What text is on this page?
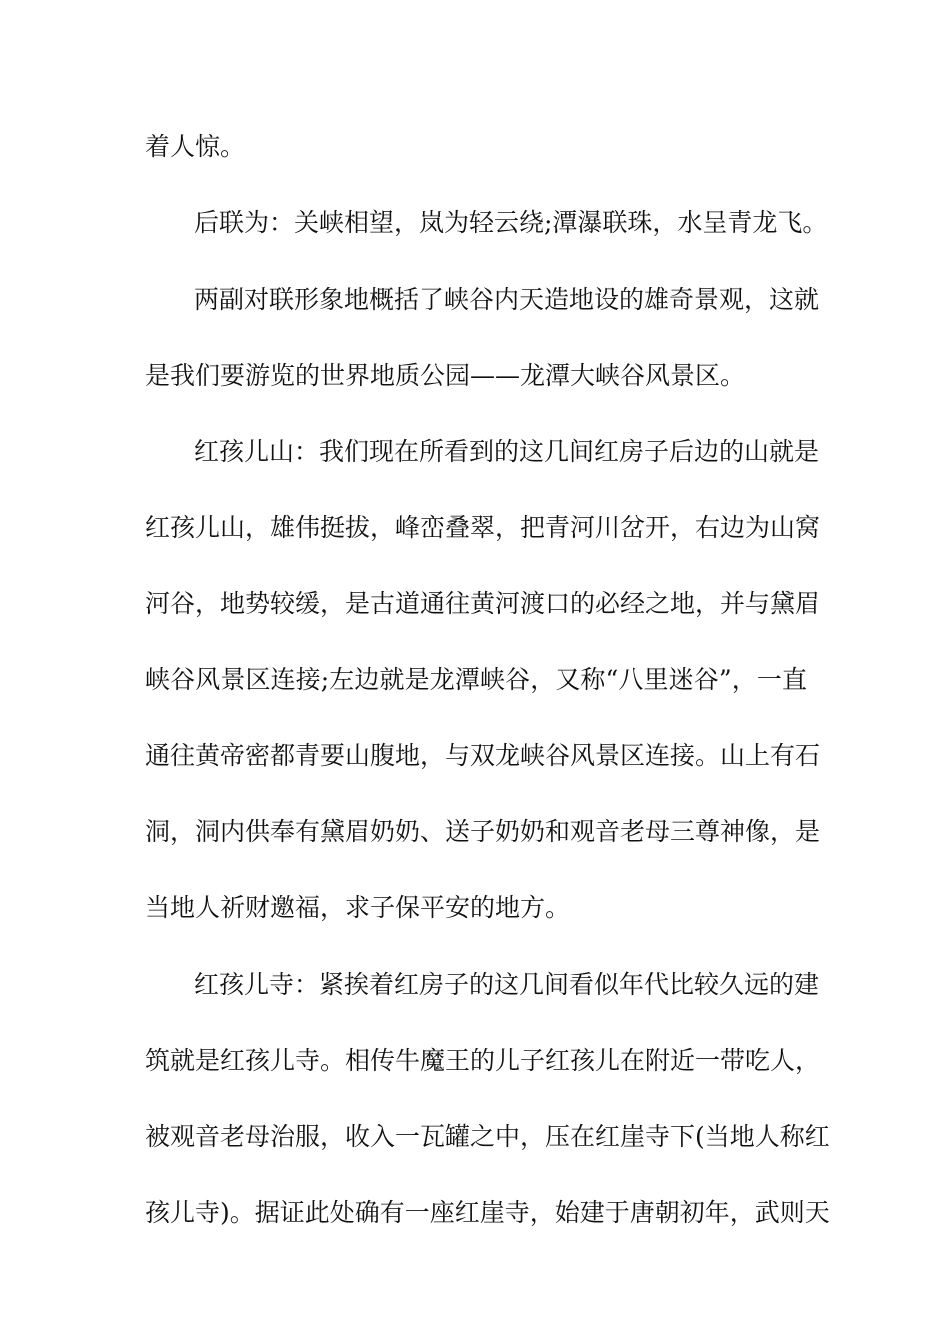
着人惊。
后联为：关峡相望，岚为轻云绕;潭瀑联珠，水呈青龙飞。
两副对联形象地概括了峡谷内天造地设的雄奇景观，这就
是我们要游览的世界地质公园——龙潭大峡谷风景区。
红孩儿山：我们现在所看到的这几间红房子后边的山就是
红孩儿山，雄伟挺拔，峰峦叠翠，把青河川岔开，右边为山窝
河谷，地势较缓，是古道通往黄河渡口的必经之地，并与黛眉
峡谷风景区连接;左边就是龙潭峡谷，又称“八里迷谷”，一直
通往黄帝密都青要山腹地，与双龙峡谷风景区连接。山上有石
洞，洞内供奉有黛眉奶奶、送子奶奶和观音老母三尊神像，是
当地人祈财邀福，求子保平安的地方。
红孩儿寺：紧挨着红房子的这几间看似年代比较久远的建
筑就是红孩儿寺。相传牛魔王的儿子红孩儿在附近一带吃人，
被观音老母治服，收入一瓦罐之中，压在红崖寺下(当地人称红
孩儿寺)。据证此处确有一座红崖寺，始建于唐朝初年，武则天
